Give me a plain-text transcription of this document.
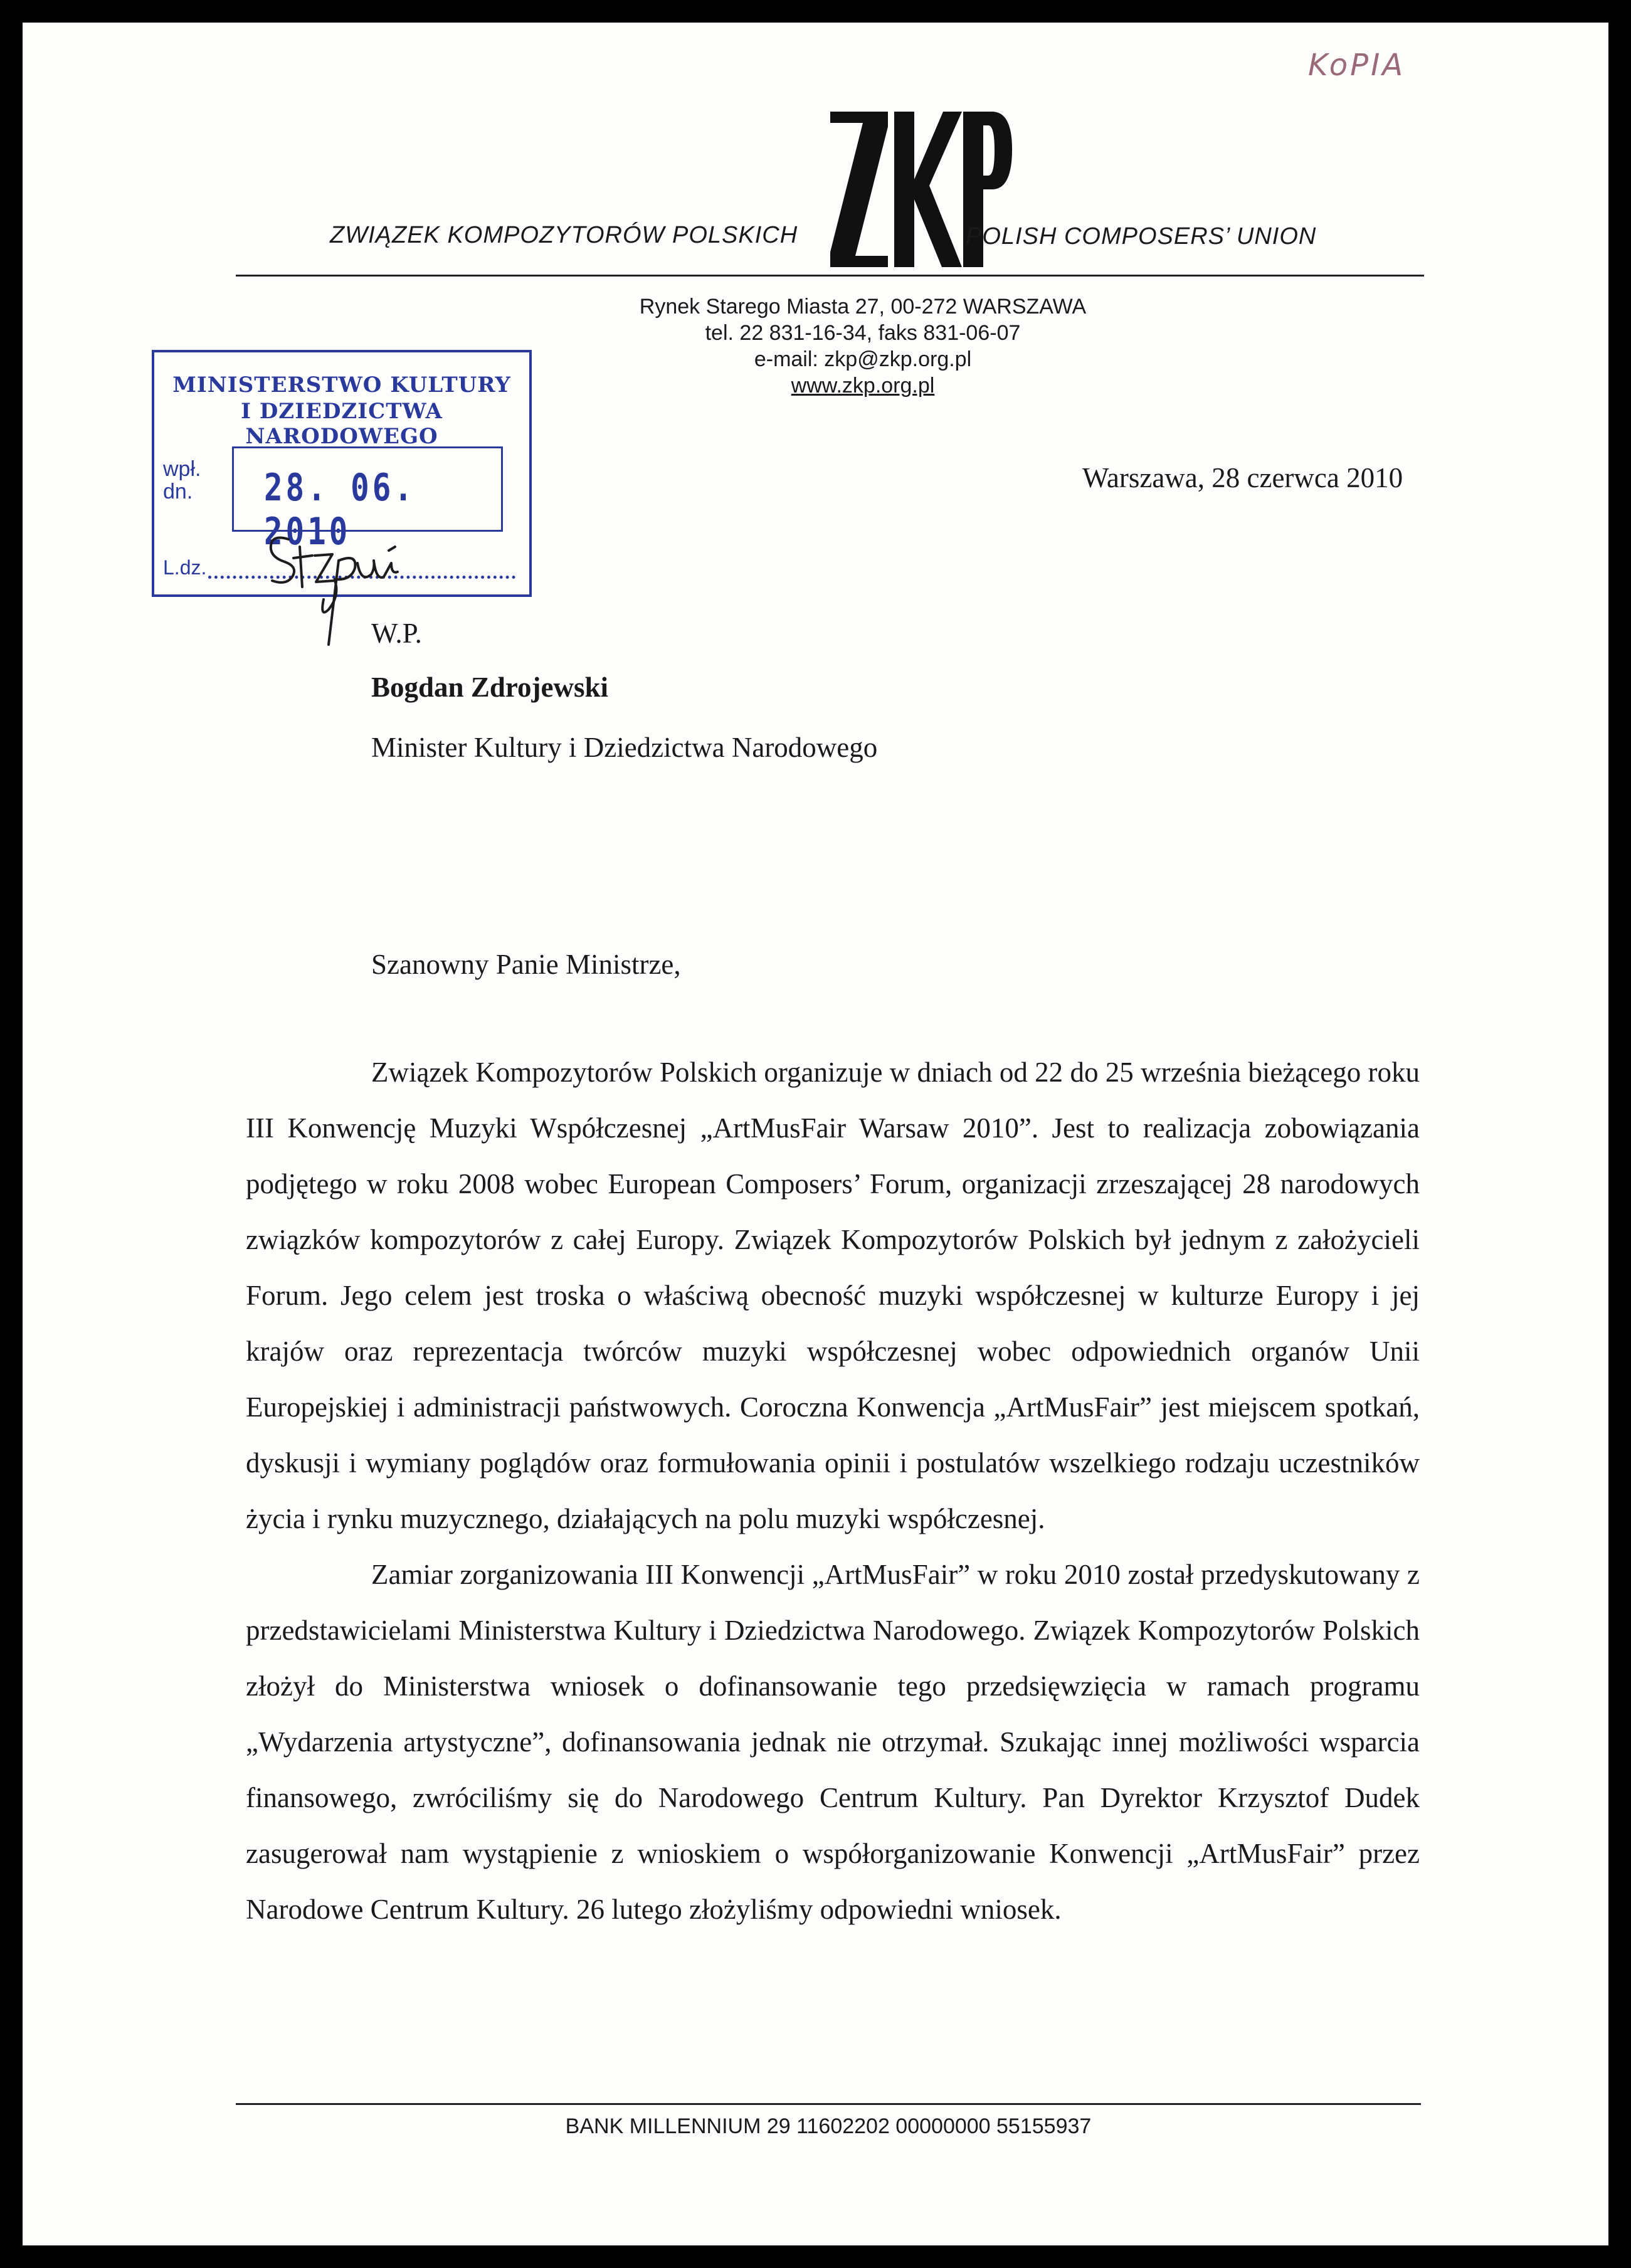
KoPIA
ZWIĄZEK KOMPOZYTORÓW POLSKICH	POLISH COMPOSERS’ UNION
Rynek Starego Miasta 27, 00-272 WARSZAWA
tel. 22 831-16-34, faks 831-06-07
e-mail: zkp@zkp.org.pl
www.zkp.org.pl
MINISTERSTWO KULTURY
I DZIEDZICTWA NARODOWEGO
wpł.
dn. 28. 06. 2010
L.dz.
Warszawa, 28 czerwca 2010
W.P.
Bogdan Zdrojewski
Minister Kultury i Dziedzictwa Narodowego
Szanowny Panie Ministrze,

Związek Kompozytorów Polskich organizuje w dniach od 22 do 25 września bieżącego roku III Konwencję Muzyki Współczesnej „ArtMusFair Warsaw 2010”. Jest to realizacja zobowiązania podjętego w roku 2008 wobec European Composers’ Forum, organizacji zrzeszającej 28 narodowych związków kompozytorów z całej Europy. Związek Kompozytorów Polskich był jednym z założycieli Forum. Jego celem jest troska o właściwą obecność muzyki współczesnej w kulturze Europy i jej krajów oraz reprezentacja twórców muzyki współczesnej wobec odpowiednich organów Unii Europejskiej i administracji państwowych. Coroczna Konwencja „ArtMusFair” jest miejscem spotkań, dyskusji i wymiany poglądów oraz formułowania opinii i postulatów wszelkiego rodzaju uczestników życia i rynku muzycznego, działających na polu muzyki współczesnej.

Zamiar zorganizowania III Konwencji „ArtMusFair” w roku 2010 został przedyskutowany z przedstawicielami Ministerstwa Kultury i Dziedzictwa Narodowego. Związek Kompozytorów Polskich złożył do Ministerstwa wniosek o dofinansowanie tego przedsięwzięcia w ramach programu „Wydarzenia artystyczne”, dofinansowania jednak nie otrzymał. Szukając innej możliwości wsparcia finansowego, zwróciliśmy się do Narodowego Centrum Kultury. Pan Dyrektor Krzysztof Dudek zasugerował nam wystąpienie z wnioskiem o współorganizowanie Konwencji „ArtMusFair” przez Narodowe Centrum Kultury. 26 lutego złożyliśmy odpowiedni wniosek.

BANK MILLENNIUM 29 11602202 00000000 55155937
